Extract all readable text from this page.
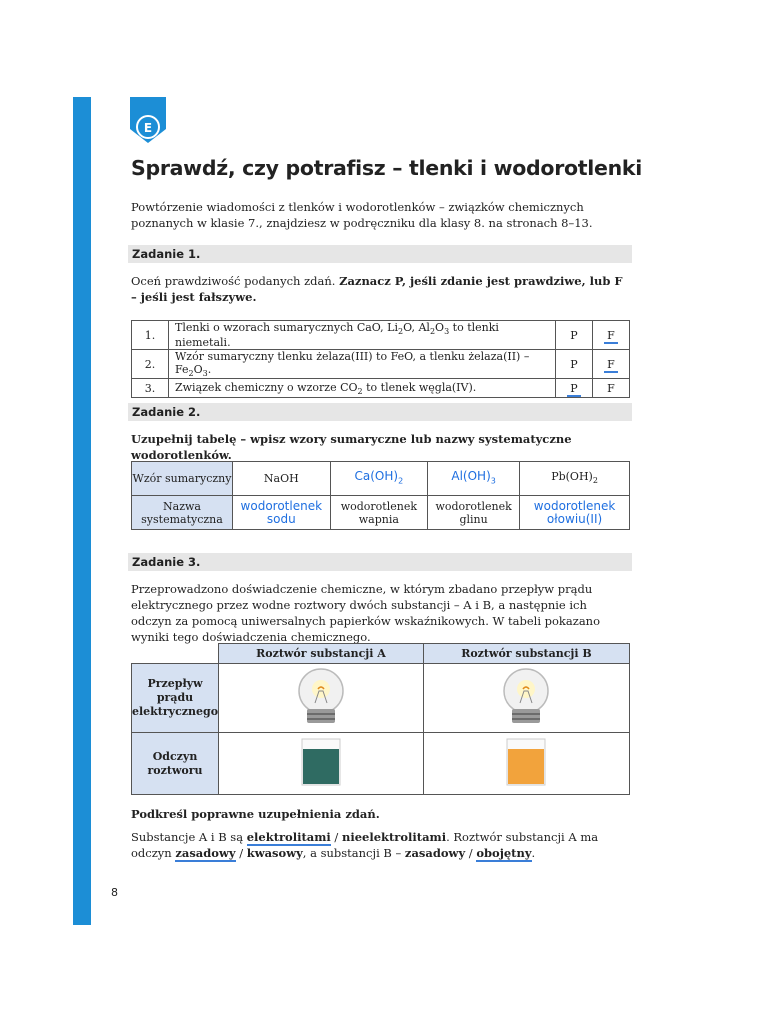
E
Sprawdź, czy potrafisz – tlenki i wodorotlenki

Powtórzenie wiadomości z tlenków i wodorotlenków – związków chemicznych poznanych w klasie 7., znajdziesz w podręczniku dla klasy 8. na stronach 8–13.

Zadanie 1.

Oceń prawdziwość podanych zdań. Zaznacz P, jeśli zdanie jest prawdziwe, lub F – jeśli jest fałszywe.

1.	Tlenki o wzorach sumarycznych CaO, $Li_2O$, $Al_2O_3$ to tlenki niemetali.	P	F
2.	Wzór sumaryczny tlenku żelaza(III) to FeO, a tlenku żelaza(II) – $Fe_2O_3$.	P	F
3.	Związek chemiczny o wzorze $CO_2$ to tlenek węgla(IV).	P	F
Zadanie 2.

Uzupełnij tabelę – wpisz wzory sumaryczne lub nazwy systematyczne wodorotlenków.

Wzór sumaryczny	NaOH	$Ca(OH)_2$	$Al(OH)_3$	$Pb(OH)_2$
Nazwa systematyczna	wodorotlenek sodu	wodorotlenek wapnia	wodorotlenek glinu	wodorotlenek ołowiu(II)
Zadanie 3.

Przeprowadzono doświadczenie chemiczne, w którym zbadano przepływ prądu elektrycznego przez wodne roztwory dwóch substancji – A i B, a następnie ich odczyn za pomocą uniwersalnych papierków wskaźnikowych. W tabeli pokazano wyniki tego doświadczenia chemicznego.

	Roztwór substancji A	Roztwór substancji B
Przepływ prądu elektrycznego		
Odczyn roztworu		

Podkreśl poprawne uzupełnienia zdań.

Substancje A i B są elektrolitami / nieelektrolitami. Roztwór substancji A ma odczyn zasadowy / kwasowy, a substancji B – zasadowy / obojętny.

8
